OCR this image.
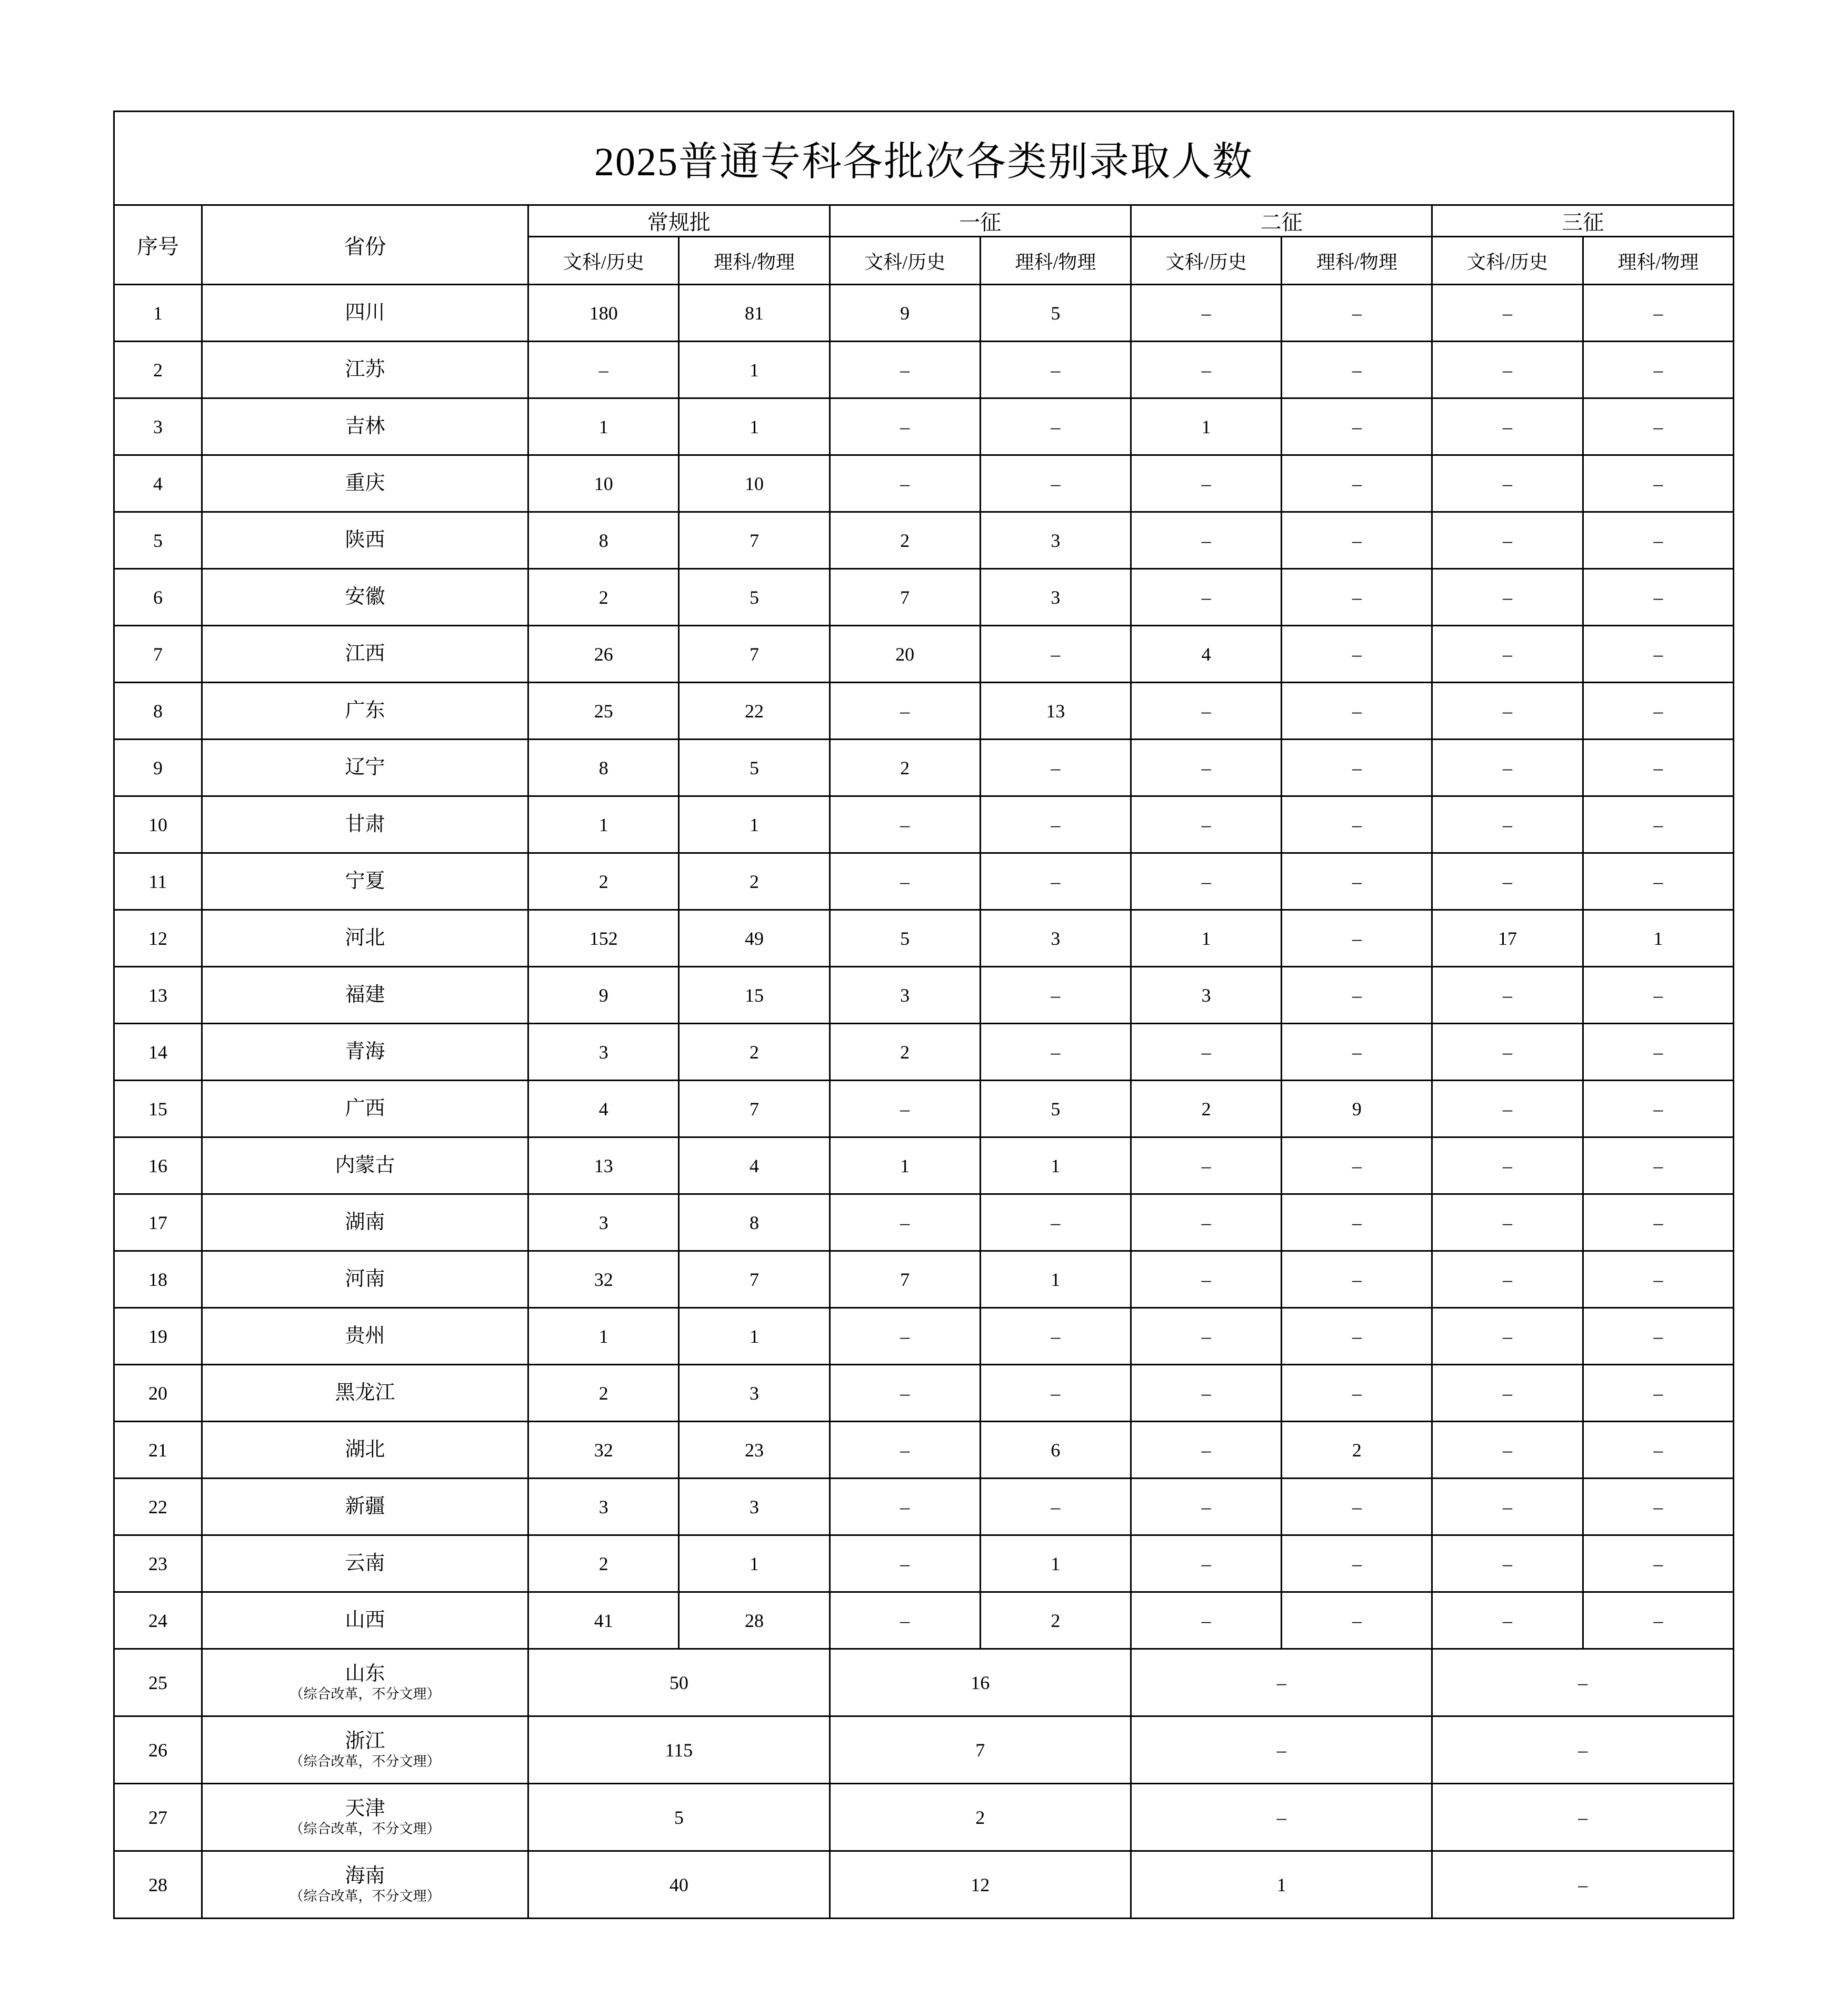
2025普通专科各批次各类别录取人数									
序号	省份	常规批		一征		二征		三征	
		文科/历史	理科/物理	文科/历史	理科/物理	文科/历史	理科/物理	文科/历史	理科/物理
1	四川	180	81	9	5	–	–	–	–
2	江苏	–	1	–	–	–	–	–	–
3	吉林	1	1	–	–	1	–	–	–
4	重庆	10	10	–	–	–	–	–	–
5	陕西	8	7	2	3	–	–	–	–
6	安徽	2	5	7	3	–	–	–	–
7	江西	26	7	20	–	4	–	–	–
8	广东	25	22	–	13	–	–	–	–
9	辽宁	8	5	2	–	–	–	–	–
10	甘肃	1	1	–	–	–	–	–	–
11	宁夏	2	2	–	–	–	–	–	–
12	河北	152	49	5	3	1	–	17	1
13	福建	9	15	3	–	3	–	–	–
14	青海	3	2	2	–	–	–	–	–
15	广西	4	7	–	5	2	9	–	–
16	内蒙古	13	4	1	1	–	–	–	–
17	湖南	3	8	–	–	–	–	–	–
18	河南	32	7	7	1	–	–	–	–
19	贵州	1	1	–	–	–	–	–	–
20	黑龙江	2	3	–	–	–	–	–	–
21	湖北	32	23	–	6	–	2	–	–
22	新疆	3	3	–	–	–	–	–	–
23	云南	2	1	–	1	–	–	–	–
24	山西	41	28	–	2	–	–	–	–
25	山东
（综合改革，不分文理）	50		16		–		–	
26	浙江
（综合改革，不分文理）	115		7		–		–	
27	天津
（综合改革，不分文理）	5		2		–		–	
28	海南
（综合改革，不分文理）	40		12		1		–	
